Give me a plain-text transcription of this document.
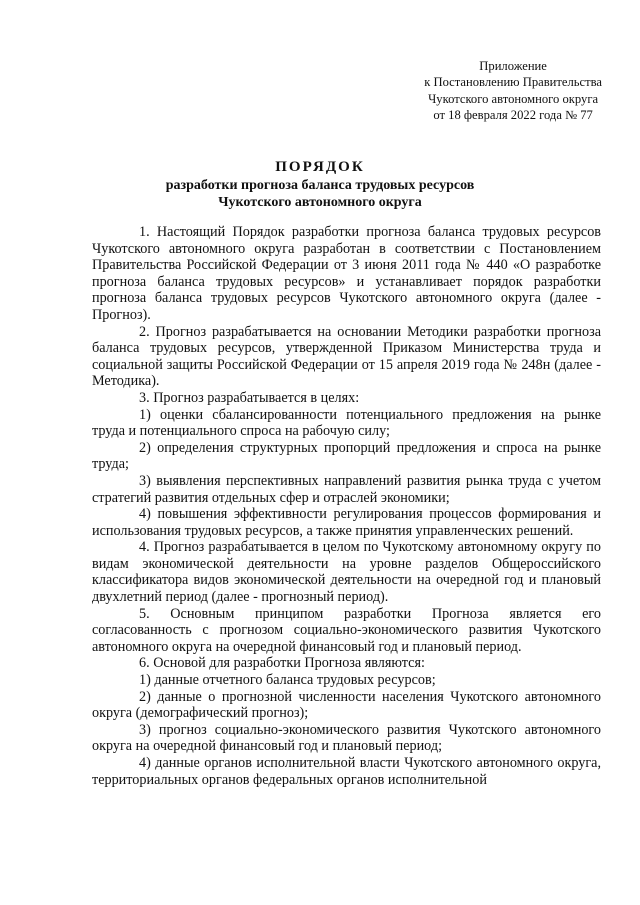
Приложение
к Постановлению Правительства
Чукотского автономного округа
от 18 февраля 2022 года № 77
ПОРЯДОК
разработки прогноза баланса трудовых ресурсов
Чукотского автономного округа

1. Настоящий Порядок разработки прогноза баланса трудовых ресурсов Чукотского автономного округа разработан в соответствии с Постановлением Правительства Российской Федерации от 3 июня 2011 года № 440 «О разработке прогноза баланса трудовых ресурсов» и устанавливает порядок разработки прогноза баланса трудовых ресурсов Чукотского автономного округа (далее - Прогноз).

2. Прогноз разрабатывается на основании Методики разработки прогноза баланса трудовых ресурсов, утвержденной Приказом Министерства труда и социальной защиты Российской Федерации от 15 апреля 2019 года № 248н (далее - Методика).

3. Прогноз разрабатывается в целях:

1) оценки сбалансированности потенциального предложения на рынке труда и потенциального спроса на рабочую силу;

2) определения структурных пропорций предложения и спроса на рынке труда;

3) выявления перспективных направлений развития рынка труда с учетом стратегий развития отдельных сфер и отраслей экономики;

4) повышения эффективности регулирования процессов формирования и использования трудовых ресурсов, а также принятия управленческих решений.

4. Прогноз разрабатывается в целом по Чукотскому автономному округу по видам экономической деятельности на уровне разделов Общероссийского классификатора видов экономической деятельности на очередной год и плановый двухлетний период (далее - прогнозный период).

5. Основным принципом разработки Прогноза является его согласованность с прогнозом социально-экономического развития Чукотского автономного округа на очередной финансовый год и плановый период.

6. Основой для разработки Прогноза являются:

1) данные отчетного баланса трудовых ресурсов;

2) данные о прогнозной численности населения Чукотского автономного округа (демографический прогноз);

3) прогноз социально-экономического развития Чукотского автономного округа на очередной финансовый год и плановый период;

4) данные органов исполнительной власти Чукотского автономного округа, территориальных органов федеральных органов исполнительной
